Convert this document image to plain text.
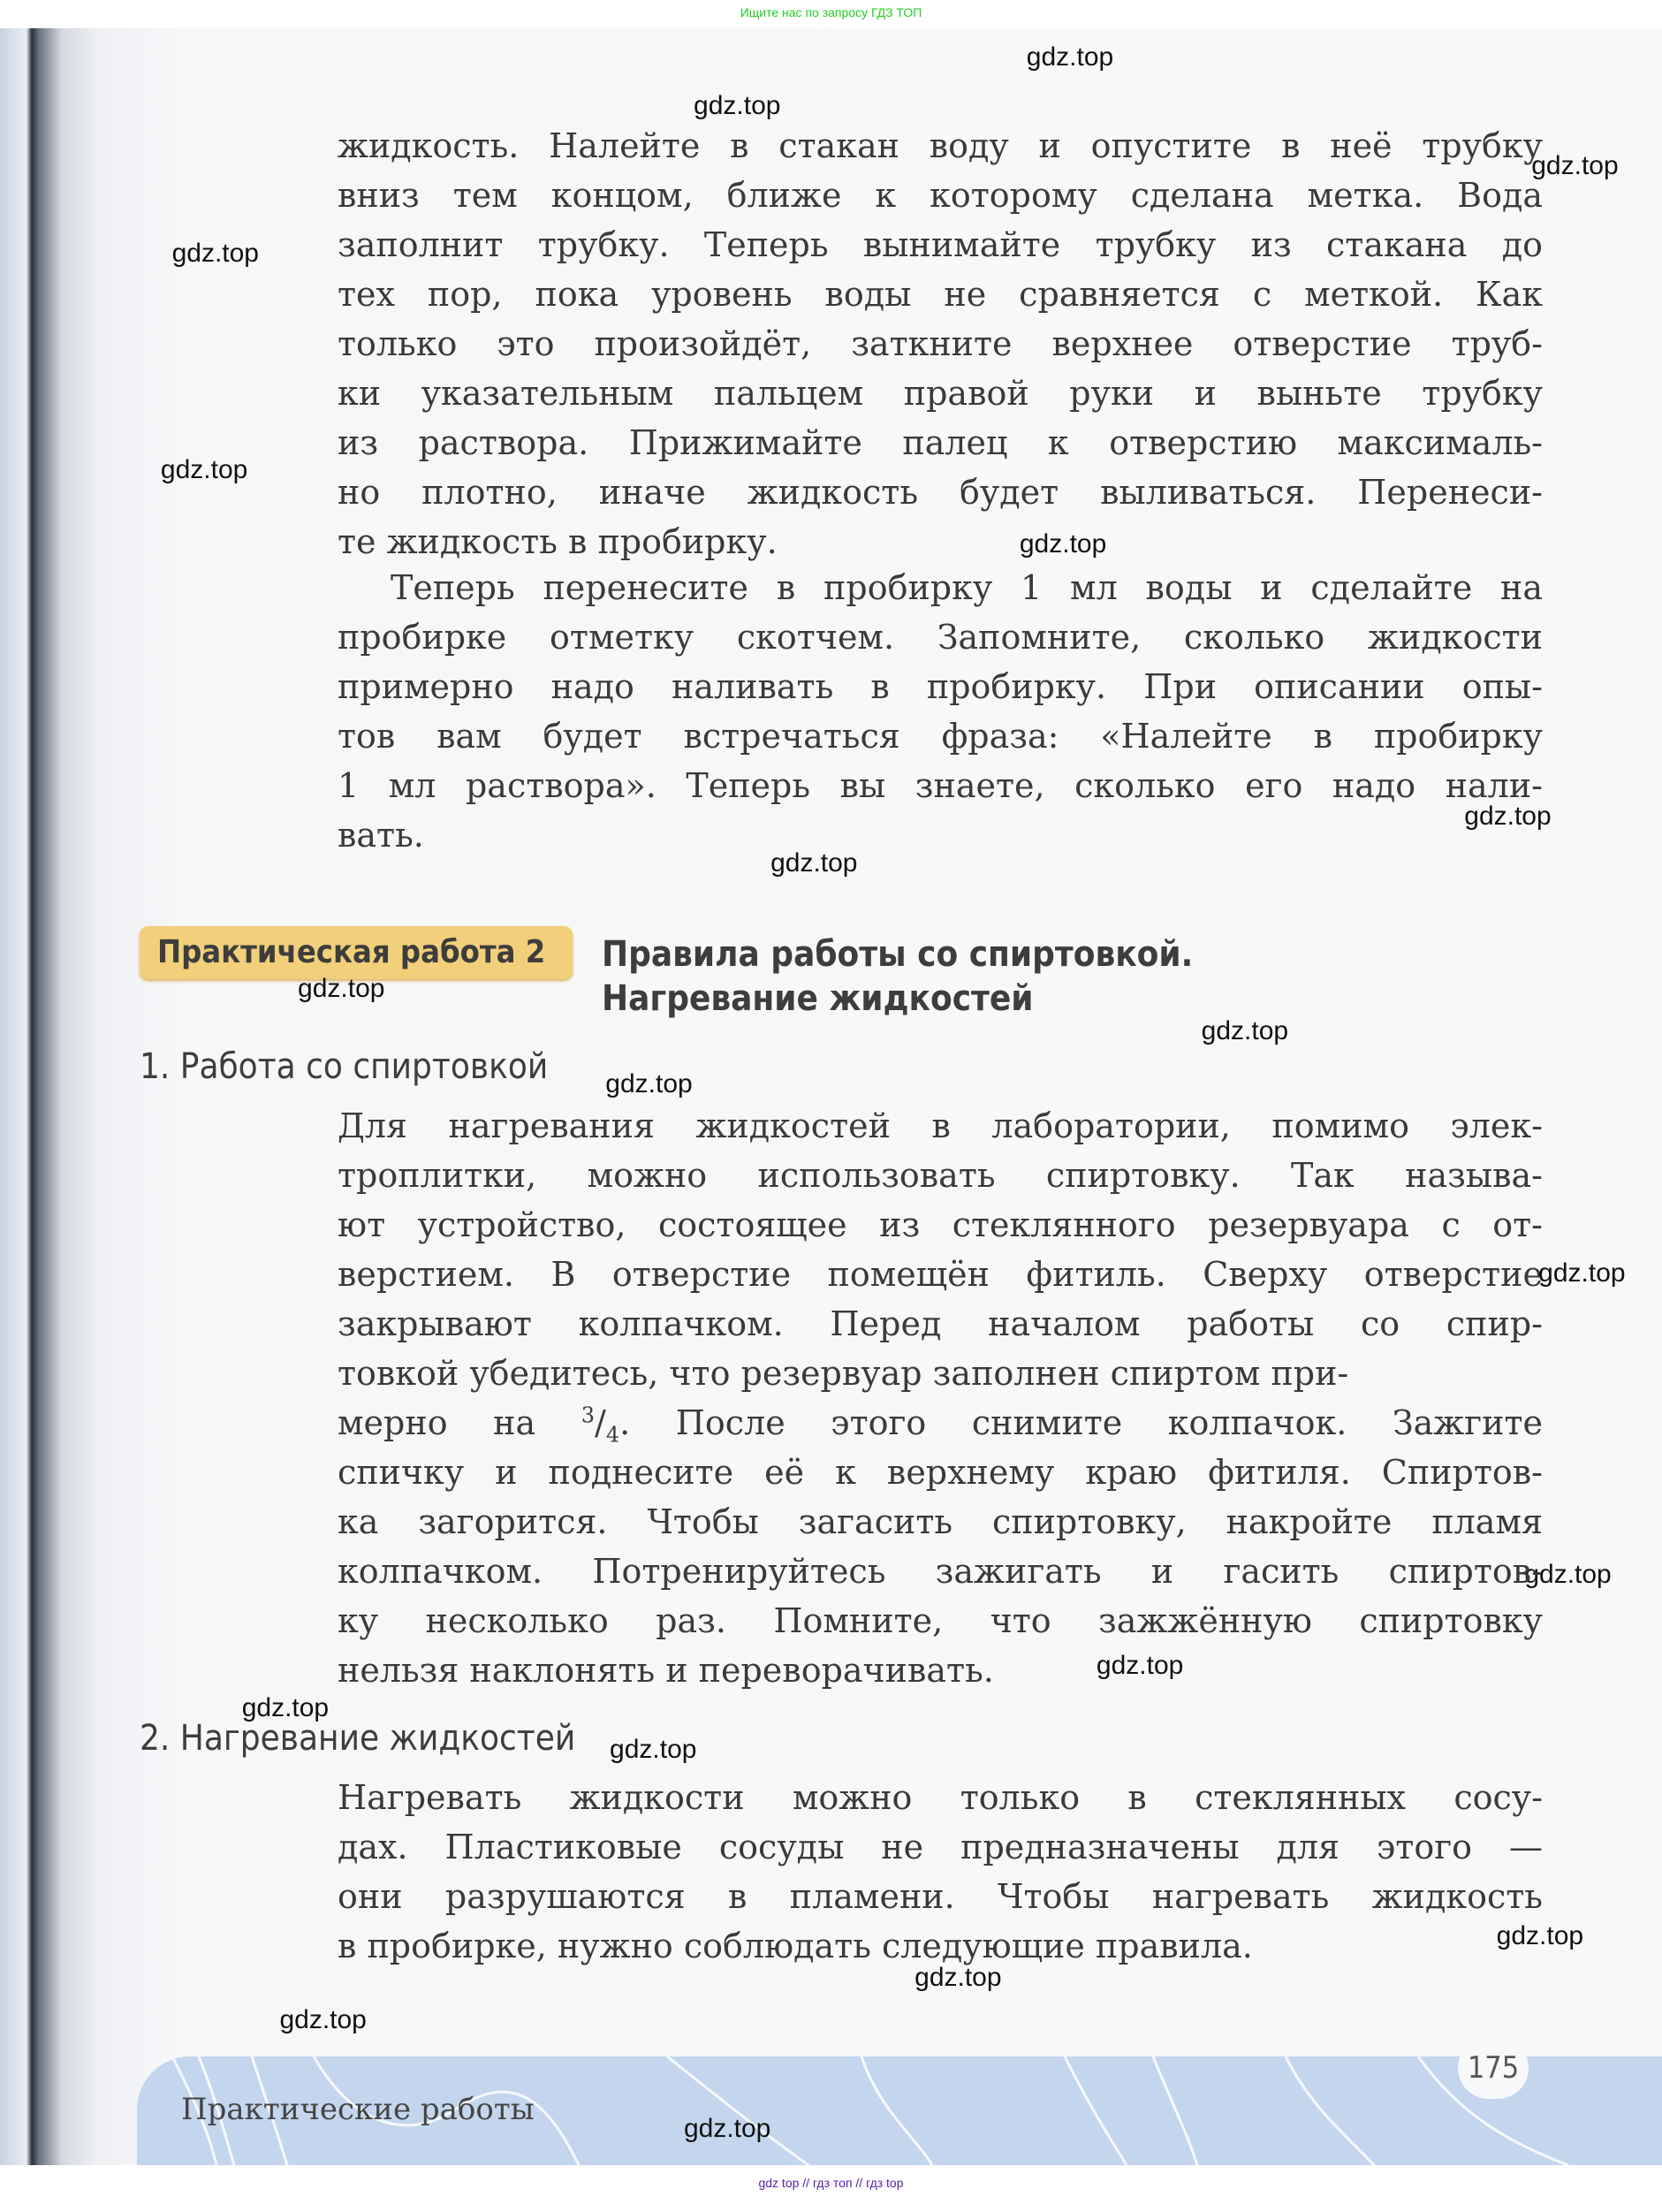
Ищите нас по запросу ГДЗ ТОП
жидкость. Налейте в стакан воду и опустите в неё трубку
вниз тем концом, ближе к которому сделана метка. Вода
заполнит трубку. Теперь вынимайте трубку из стакана до
тех пор, пока уровень воды не сравняется с меткой. Как
только это произойдёт, заткните верхнее отверстие труб-
ки указательным пальцем правой руки и выньте трубку
из раствора. Прижимайте палец к отверстию максималь-
но плотно, иначе жидкость будет выливаться. Перенеси-
те жидкость в пробирку.
Теперь перенесите в пробирку 1 мл воды и сделайте на
пробирке отметку скотчем. Запомните, сколько жидкости
примерно надо наливать в пробирку. При описании опы-
тов вам будет встречаться фраза: «Налейте в пробирку
1 мл раствора». Теперь вы знаете, сколько его надо нали-
вать.
Практическая работа 2	Правила работы со спиртовкой.
Нагревание жидкостей
1. Работа со спиртовкой
Для нагревания жидкостей в лаборатории, помимо элек-
троплитки, можно использовать спиртовку. Так называ-
ют устройство, состоящее из стеклянного резервуара с от-
верстием. В отверстие помещён фитиль. Сверху отверстие
закрывают колпачком. Перед началом работы со спир-
товкой убедитесь, что резервуар заполнен спиртом при-
мерно на $^3/_4$. После этого снимите колпачок. Зажгите
2. Нагревание жидкостей
Нагревать жидкости можно только в стеклянных сосу-
дах. Пластиковые сосуды не предназначены для этого —
они разрушаются в пламени. Чтобы нагревать жидкость
в пробирке, нужно соблюдать следующие правила.
Практические работы
175
gdz.top
gdz.top
gdz.top
gdz.top
gdz.top
gdz.top
gdz.top
gdz.top
gdz.top
gdz.top
gdz.top
gdz.top
gdz.top
gdz.top
gdz.top
gdz.top
gdz.top
gdz.top
gdz.top
gdz.top
gdz top // гдз топ // гдз top
спичку и поднесите её к верхнему краю фитиля. Спиртов-
ка загорится. Чтобы загасить спиртовку, накройте пламя
колпачком. Потренируйтесь зажигать и гасить спиртов-
ку несколько раз. Помните, что зажжённую спиртовку
нельзя наклонять и переворачивать.
